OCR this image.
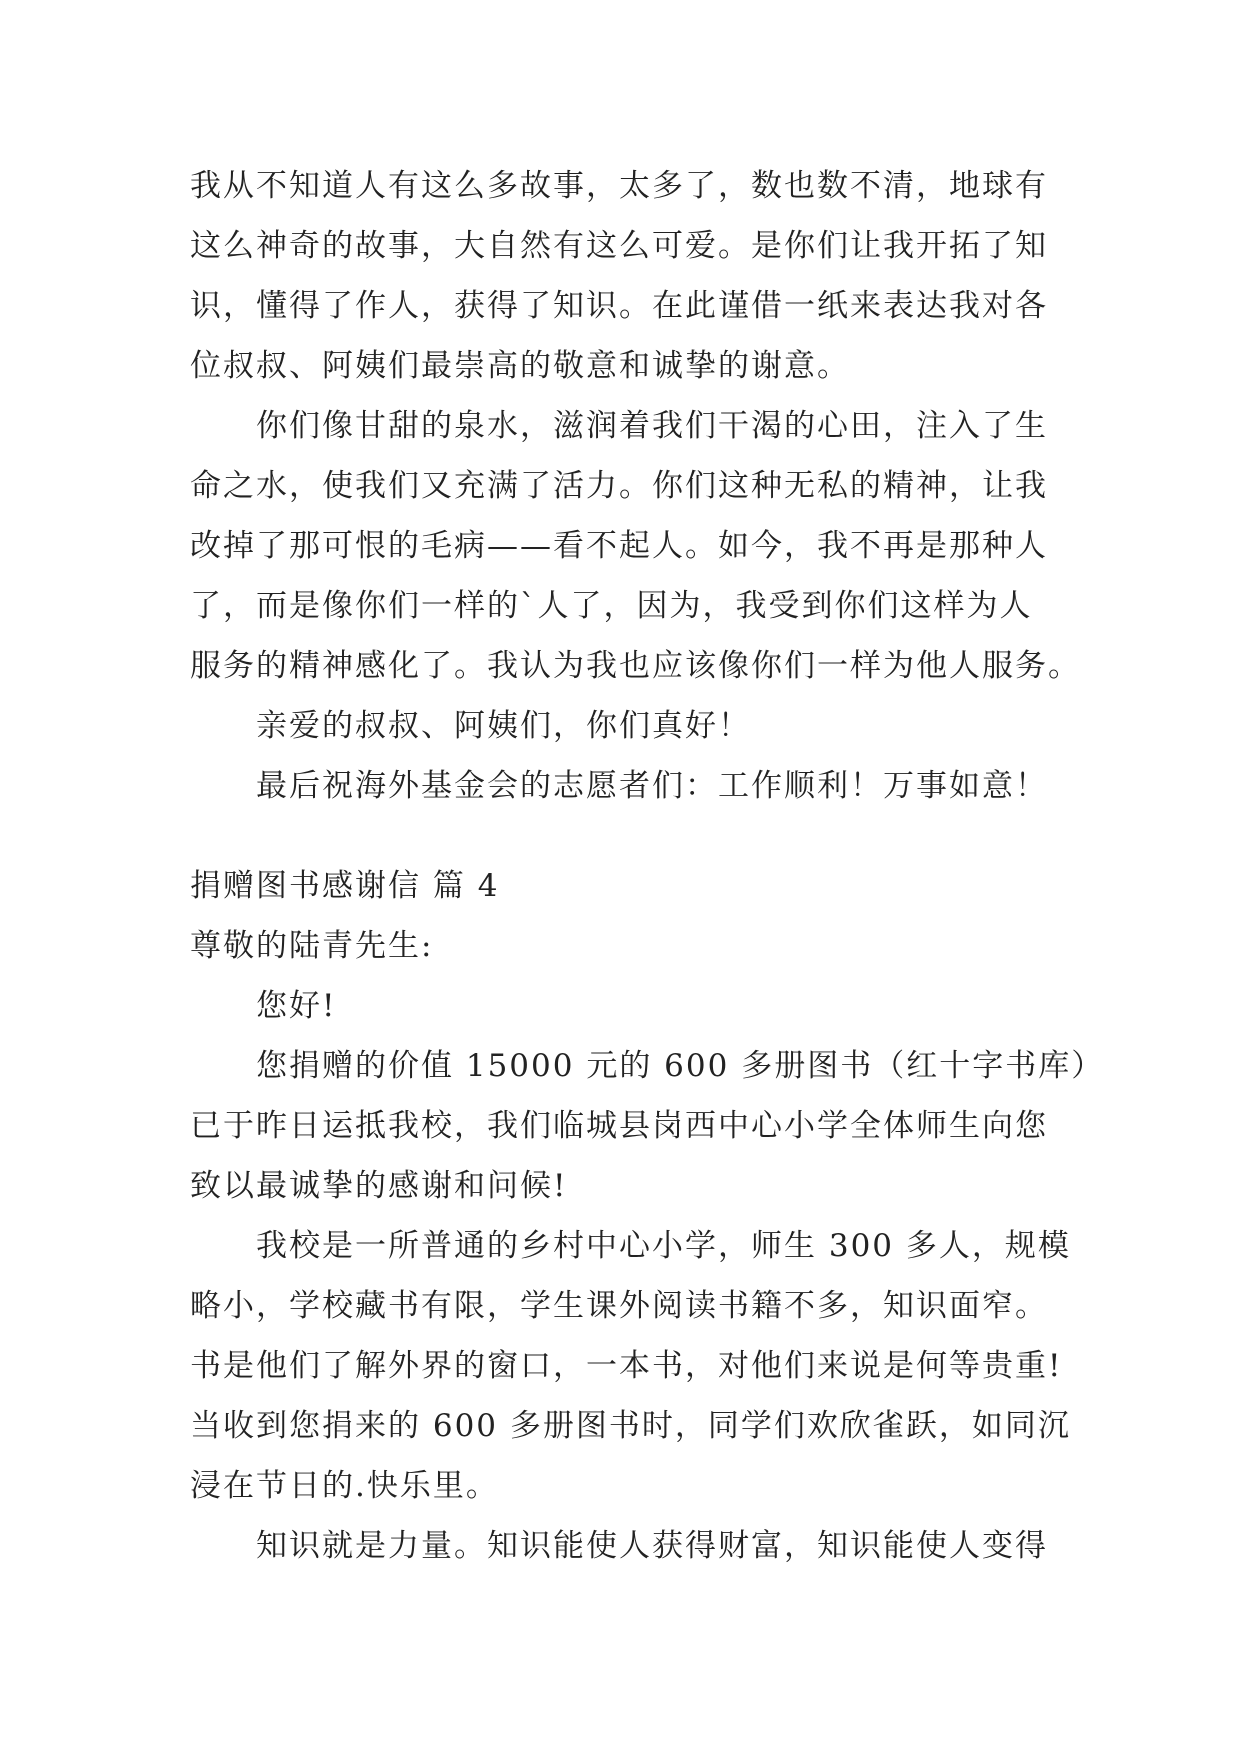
我从不知道人有这么多故事，太多了，数也数不清，地球有
这么神奇的故事，大自然有这么可爱。是你们让我开拓了知
识，懂得了作人，获得了知识。在此谨借一纸来表达我对各
位叔叔、阿姨们最崇高的敬意和诚挚的谢意。
你们像甘甜的泉水，滋润着我们干渴的心田，注入了生
命之水，使我们又充满了活力。你们这种无私的精神，让我
改掉了那可恨的毛病——看不起人。如今，我不再是那种人
了，而是像你们一样的`人了，因为，我受到你们这样为人
服务的精神感化了。我认为我也应该像你们一样为他人服务。
亲爱的叔叔、阿姨们，你们真好！
最后祝海外基金会的志愿者们：工作顺利！万事如意！
捐赠图书感谢信 篇 4
尊敬的陆青先生:
您好!
您捐赠的价值 15000 元的 600 多册图书（红十字书库）
已于昨日运抵我校，我们临城县岗西中心小学全体师生向您
致以最诚挚的感谢和问候!
我校是一所普通的乡村中心小学，师生 300 多人，规模
略小，学校藏书有限，学生课外阅读书籍不多，知识面窄。
书是他们了解外界的窗口，一本书，对他们来说是何等贵重!
当收到您捐来的 600 多册图书时，同学们欢欣雀跃，如同沉
浸在节日的.快乐里。
知识就是力量。知识能使人获得财富，知识能使人变得
